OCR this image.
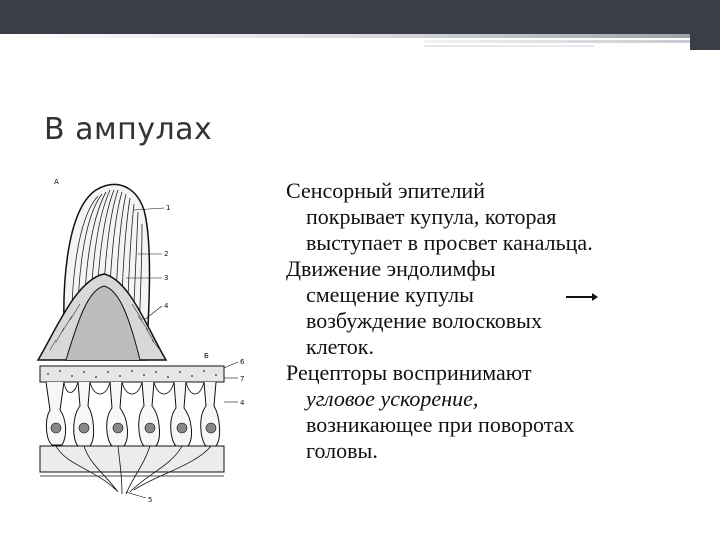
В ампулах
А
1
2
3
4
Б
6
7
4
5

Сенсорный эпителий
покрывает купула, которая
выступает в просвет канальца.

Движение эндолимфы
смещение купулы
возбуждение волосковых
клеток.

Рецепторы воспринимают
угловое ускорение,
возникающее при поворотах
головы.
